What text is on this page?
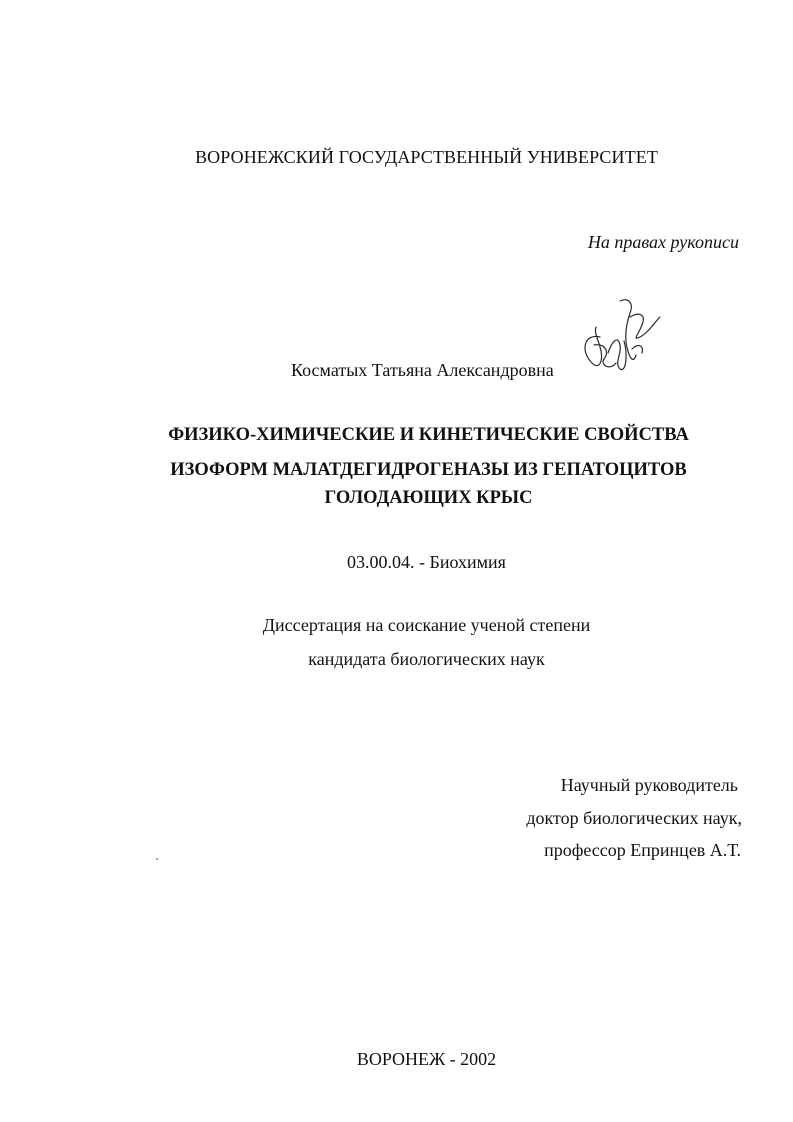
ВОРОНЕЖСКИЙ ГОСУДАРСТВЕННЫЙ УНИВЕРСИТЕТ
На правах рукописи
Косматых Татьяна Александровна
ФИЗИКО-ХИМИЧЕСКИЕ И КИНЕТИЧЕСКИЕ СВОЙСТВА
ИЗОФОРМ МАЛАТДЕГИДРОГЕНАЗЫ ИЗ ГЕПАТОЦИТОВ
ГОЛОДАЮЩИХ КРЫС
03.00.04. - Биохимия
Диссертация на соискание ученой степени
кандидата биологических наук
Научный руководитель
доктор биологических наук,
профессор Епринцев А.Т.
ВОРОНЕЖ - 2002
